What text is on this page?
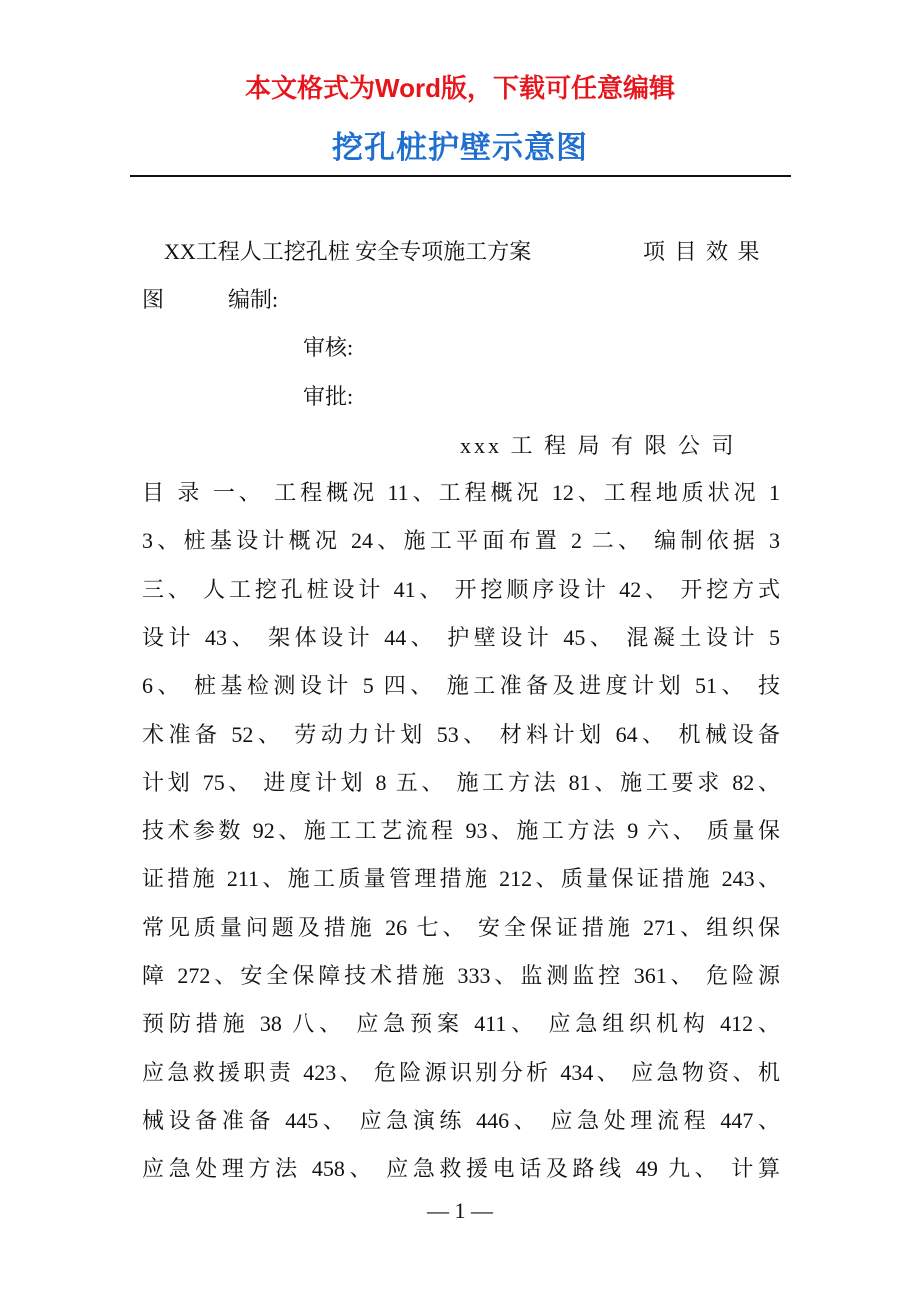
本文格式为Word版，下载可任意编辑
挖孔桩护壁示意图
XX工程人工挖孔桩 安全专项施工方案	项 目 效 果
图	编制:
审核:
审批:
xxx 工 程 局 有 限 公 司
目 录 一、 工程概况 11、工程概况 12、工程地质状况 1
3、桩基设计概况 24、施工平面布置 2 二、 编制依据 3
三、 人工挖孔桩设计 41、 开挖顺序设计 42、 开挖方式
设计 43、 架体设计 44、 护壁设计 45、 混凝土设计 5
6、 桩基检测设计 5 四、 施工准备及进度计划 51、 技
术准备 52、 劳动力计划 53、 材料计划 64、 机械设备
计划 75、 进度计划 8 五、 施工方法 81、施工要求 82、
技术参数 92、施工工艺流程 93、施工方法 9 六、 质量保
证措施 211、施工质量管理措施 212、质量保证措施 243、
常见质量问题及措施 26 七、 安全保证措施 271、组织保
障 272、安全保障技术措施 333、监测监控 361、 危险源
预防措施 38 八、 应急预案 411、 应急组织机构 412、
应急救援职责 423、 危险源识别分析 434、 应急物资、机
械设备准备 445、 应急演练 446、 应急处理流程 447、
应急处理方法 458、 应急救援电话及路线 49 九、 计算
— 1 —
